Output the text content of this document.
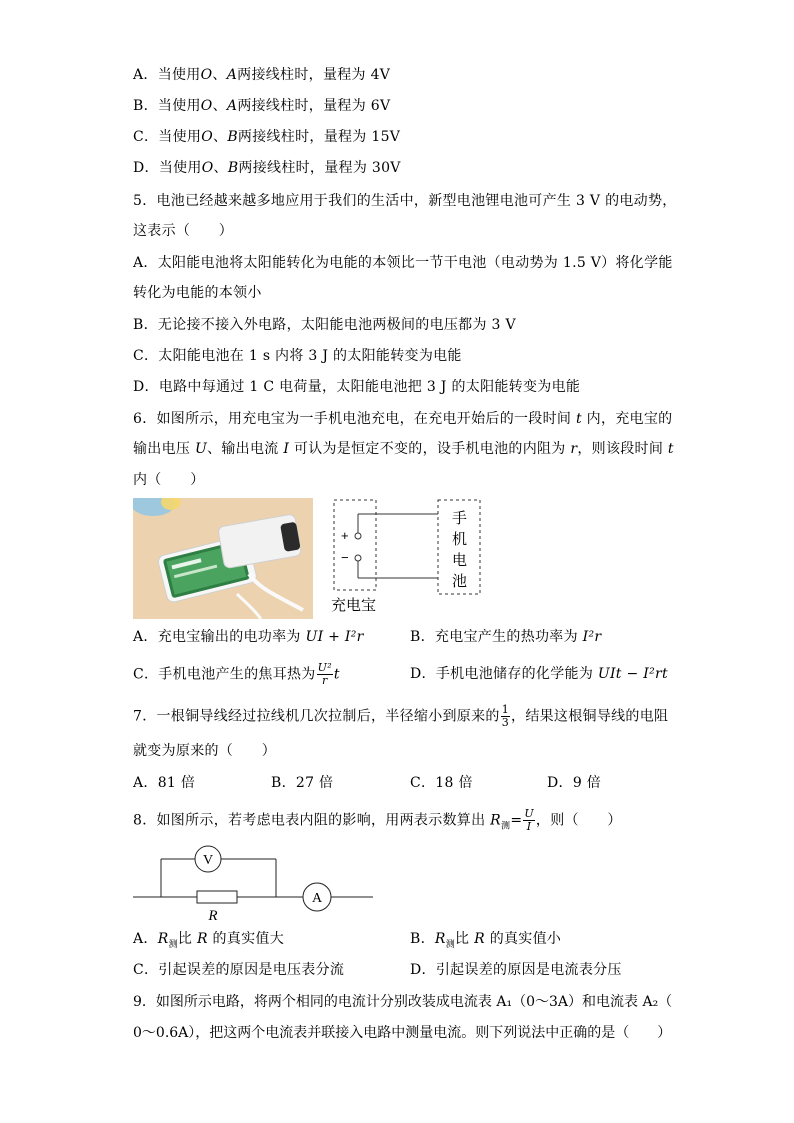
A．当使用O、A两接线柱时，量程为 4V
B．当使用O、A两接线柱时，量程为 6V
C．当使用O、B两接线柱时，量程为 15V
D．当使用O、B两接线柱时，量程为 30V
5．电池已经越来越多地应用于我们的生活中，新型电池锂电池可产生 3 V 的电动势，
这表示（　　）
A．太阳能电池将太阳能转化为电能的本领比一节干电池（电动势为 1.5 V）将化学能
转化为电能的本领小
B．无论接不接入外电路，太阳能电池两极间的电压都为 3 V
C．太阳能电池在 1 s 内将 3 J 的太阳能转变为电能
D．电路中每通过 1 C 电荷量，太阳能电池把 3 J 的太阳能转变为电能
6．如图所示，用充电宝为一手机电池充电，在充电开始后的一段时间 t 内，充电宝的
输出电压 U、输出电流 I 可认为是恒定不变的，设手机电池的内阻为 r，则该段时间 t
内（　　）
+
−
手
机
电
池
充电宝
A．充电宝输出的电功率为 UI + I²r	B．充电宝产生的热功率为 I²r
C．手机电池产生的焦耳热为 $\frac{\text{U²}}{r}$ t	D．手机电池储存的化学能为 UIt − I²rt
7．一根铜导线经过拉线机几次拉制后，半径缩小到原来的 $\frac{1}{3}$ ，结果这根铜导线的电阻
就变为原来的（　　）
A．81 倍	B．27 倍	C．18 倍	D．9 倍
8．如图所示，若考虑电表内阻的影响，用两表示数算出 $R_测= \frac{U}{I}$ ，则（　　）
V
R
A
A．$R_测$比 R 的真实值大	B．$R_测$比 R 的真实值小
C．引起误差的原因是电压表分流	D．引起误差的原因是电流表分压
9．如图所示电路，将两个相同的电流计分别改装成电流表 A₁（0～3A）和电流表 A₂（
0～0.6A），把这两个电流表并联接入电路中测量电流。则下列说法中正确的是（　　）
